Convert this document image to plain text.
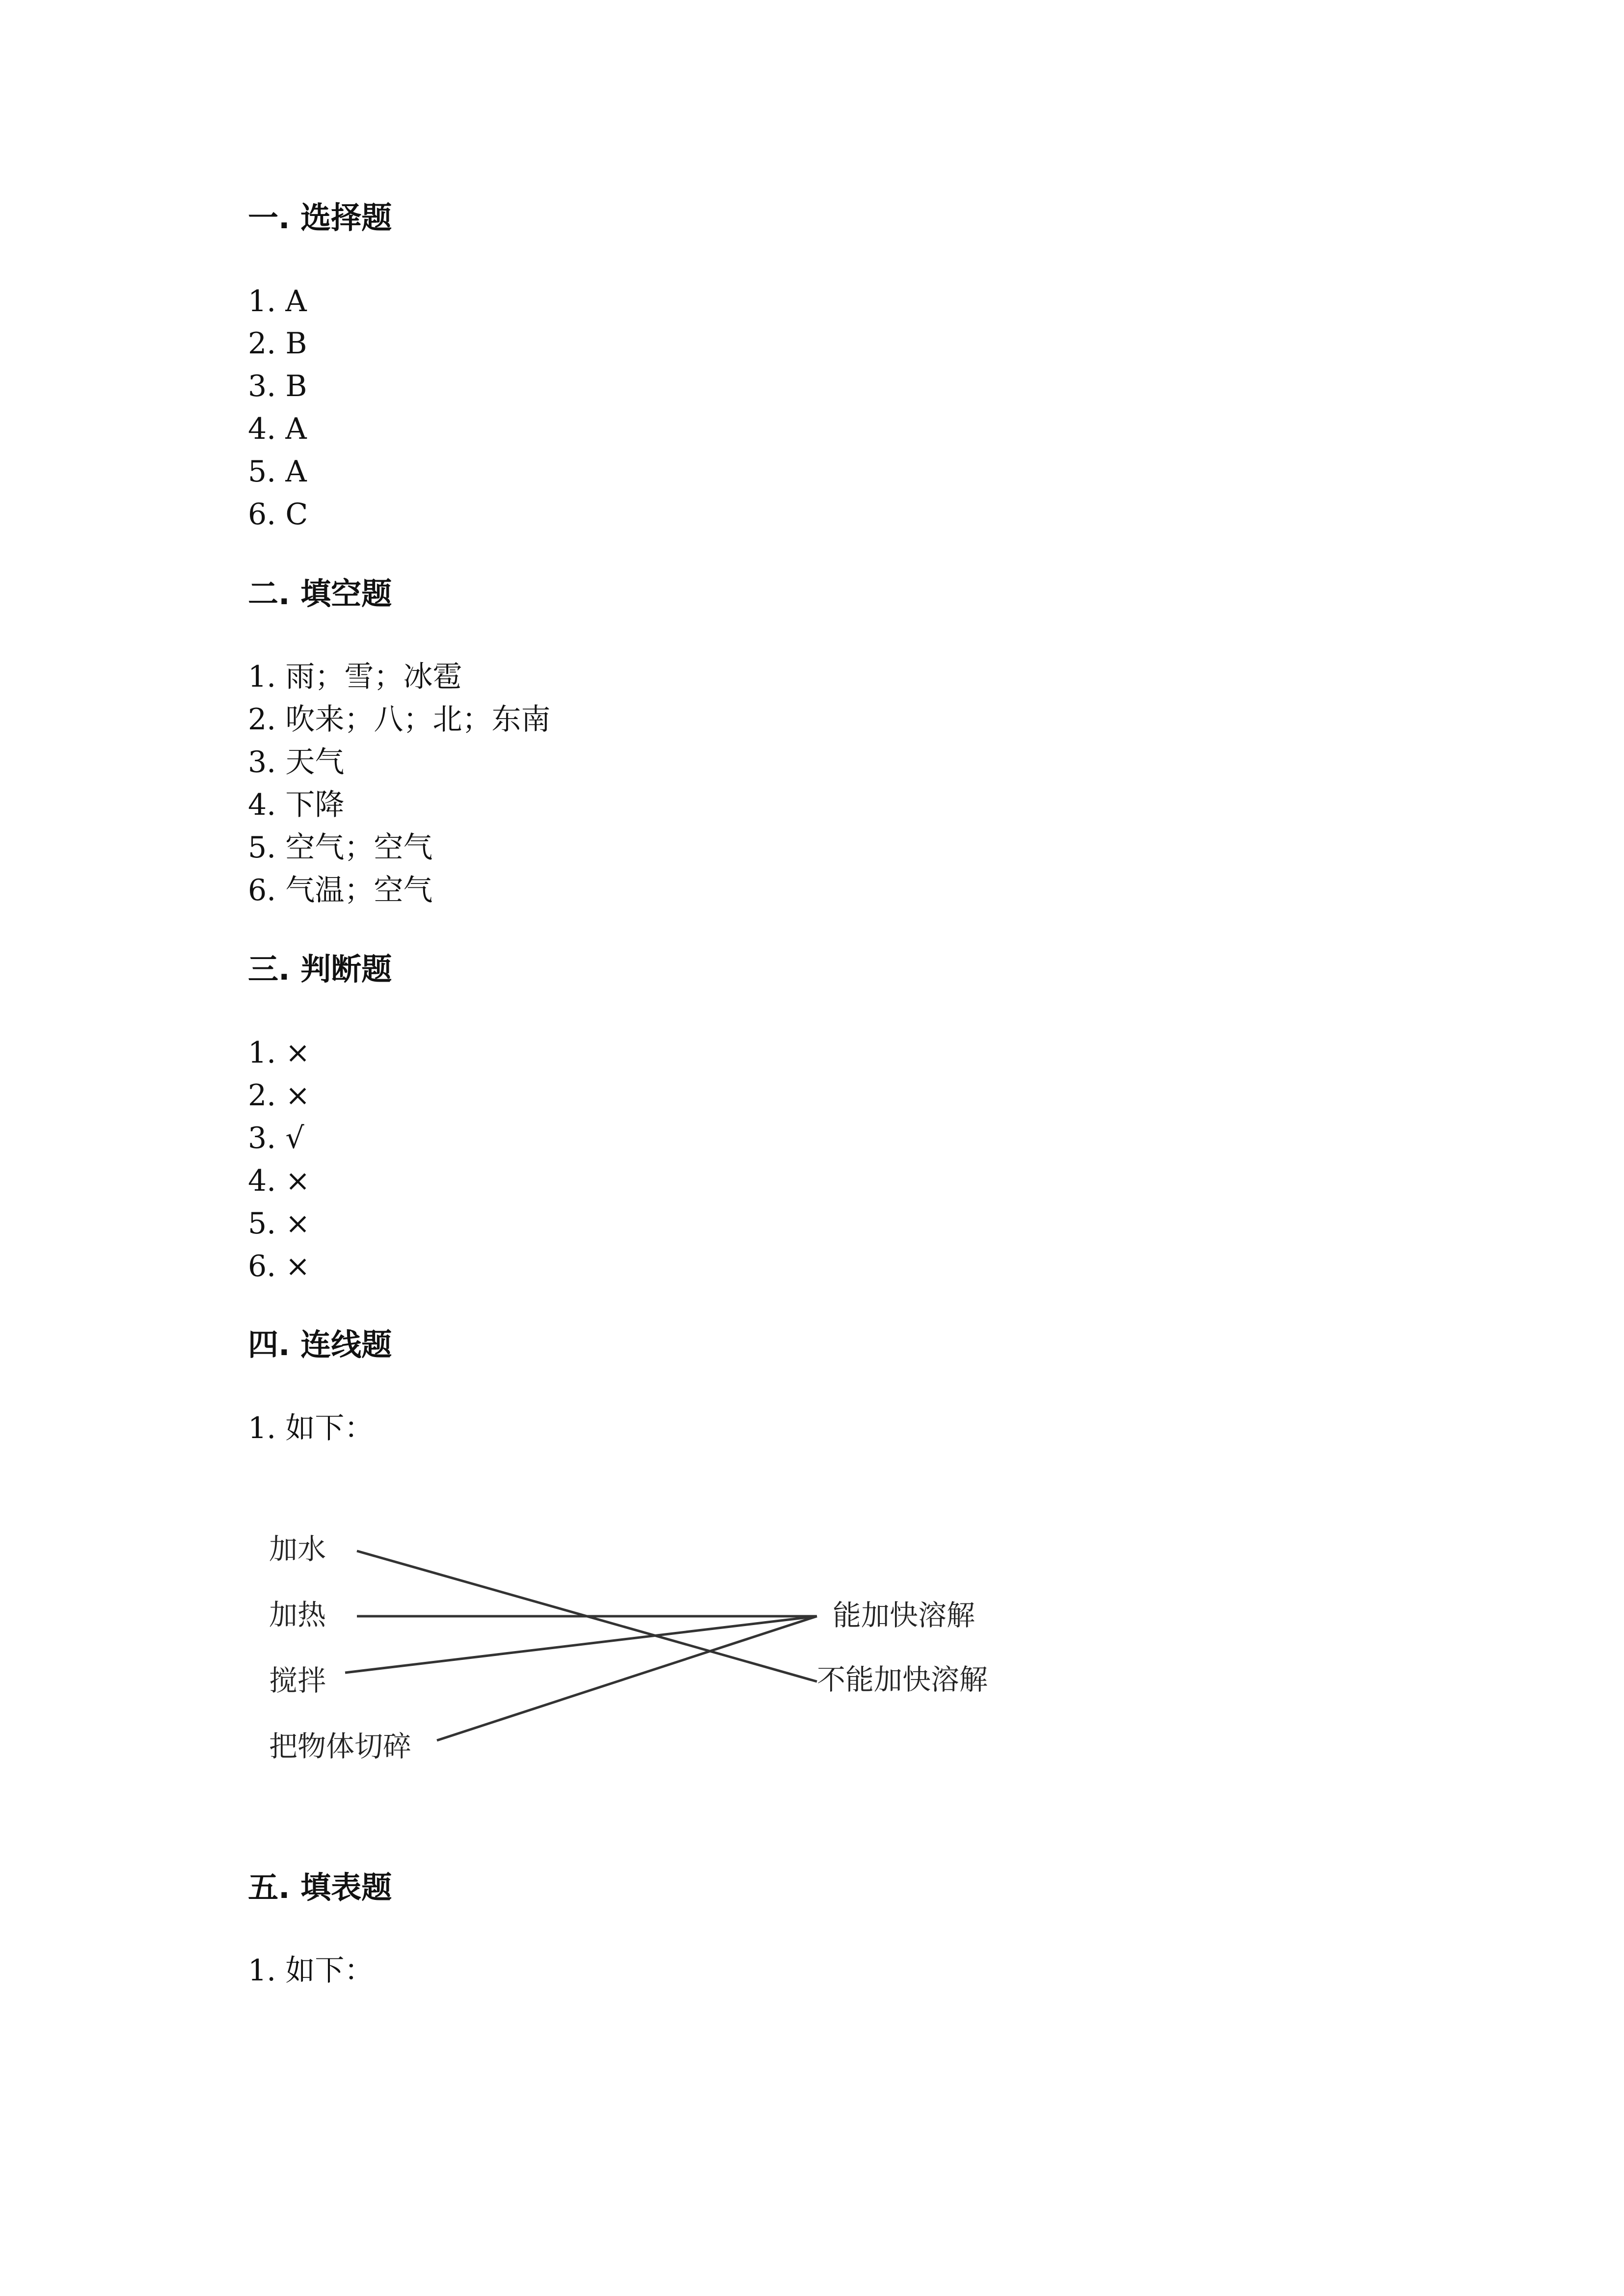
一. 选择题
1. A
2. B
3. B
4. A
5. A
6. C
二. 填空题
1. 雨；雪；冰雹
2. 吹来；八；北；东南
3. 天气
4. 下降
5. 空气；空气
6. 气温；空气
三. 判断题
1. ×
2. ×
3. √
4. ×
5. ×
6. ×
四. 连线题
1. 如下：
加水
加热
搅拌
把物体切碎
能加快溶解
不能加快溶解
五. 填表题
1. 如下：
